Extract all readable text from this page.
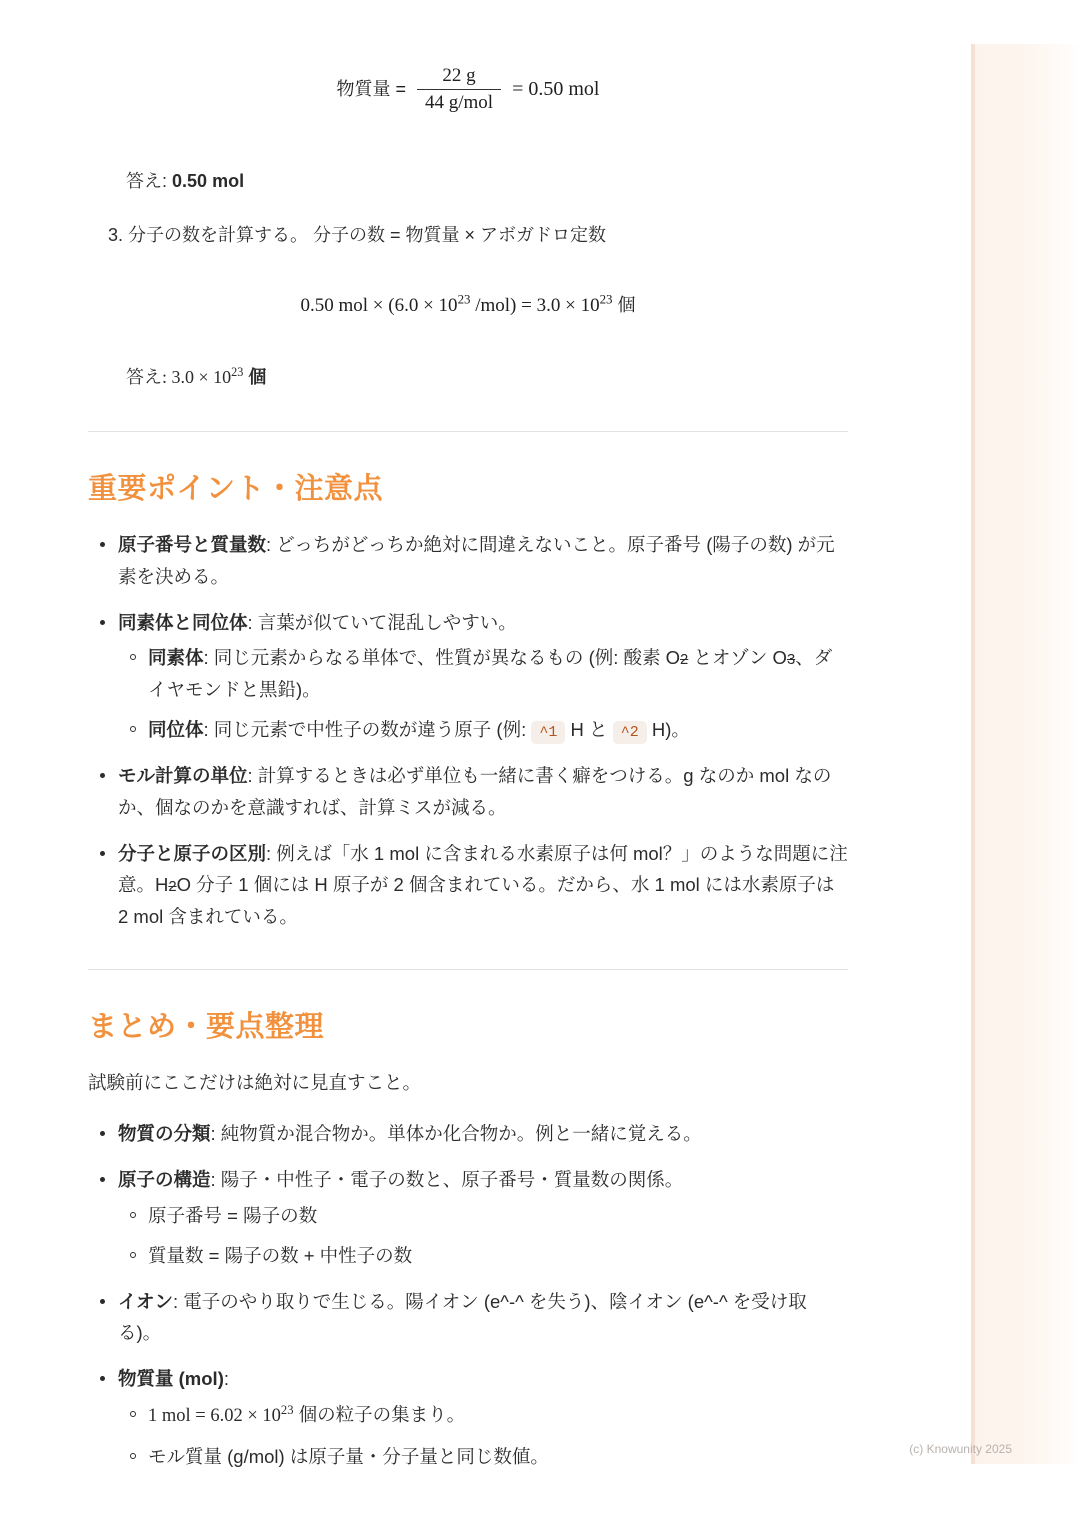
物質量 = $\frac{22 g}{\text{44 g/mol}} = 0.50$ mol
答え: 0.50 mol
3. 分子の数を計算する。 分子の数 = 物質量 × アボガドロ定数
0.50 mol × ($6.0 \times 10^{23}$ $/mol) = 3.0 \times 10^{23}$ 個
答え: $3.0 \times 10^{23}$ 個
重要ポイント・注意点
原子番号と質量数: どっちがどっちか絶対に間違えないこと。原子番号 (陽子の数) が元素を決める。
同素体と同位体: 言葉が似ていて混乱しやすい。
同素体: 同じ元素からなる単体で、性質が異なるもの (例: 酸素 O2 とオゾン O3、ダイヤモンドと黒鉛)。
同位体: 同じ元素で中性子の数が違う原子 (例: ^1 H と ^2 H)。
モル計算の単位: 計算するときは必ず単位も一緒に書く癖をつける。g なのか mol なのか、個なのかを意識すれば、計算ミスが減る。
分子と原子の区別: 例えば「水 1 mol に含まれる水素原子は何 mol？」のような問題に注意。H2O 分子 1 個には H 原子が 2 個含まれている。だから、水 1 mol には水素原子は 2 mol 含まれている。
まとめ・要点整理

試験前にここだけは絶対に見直すこと。

物質の分類: 純物質か混合物か。単体か化合物か。例と一緒に覚える。
原子の構造: 陽子・中性子・電子の数と、原子番号・質量数の関係。
原子番号 = 陽子の数
質量数 = 陽子の数 + 中性子の数
イオン: 電子のやり取りで生じる。陽イオン (e^-^ を失う)、陰イオン (e^-^ を受け取る)。
物質量 (mol):
1 mol = $6.02 \times 10^{23}$ 個の粒子の集まり。
モル質量 (g/mol) は原子量・分子量と同じ数値。	(c) Knowunity 2025
